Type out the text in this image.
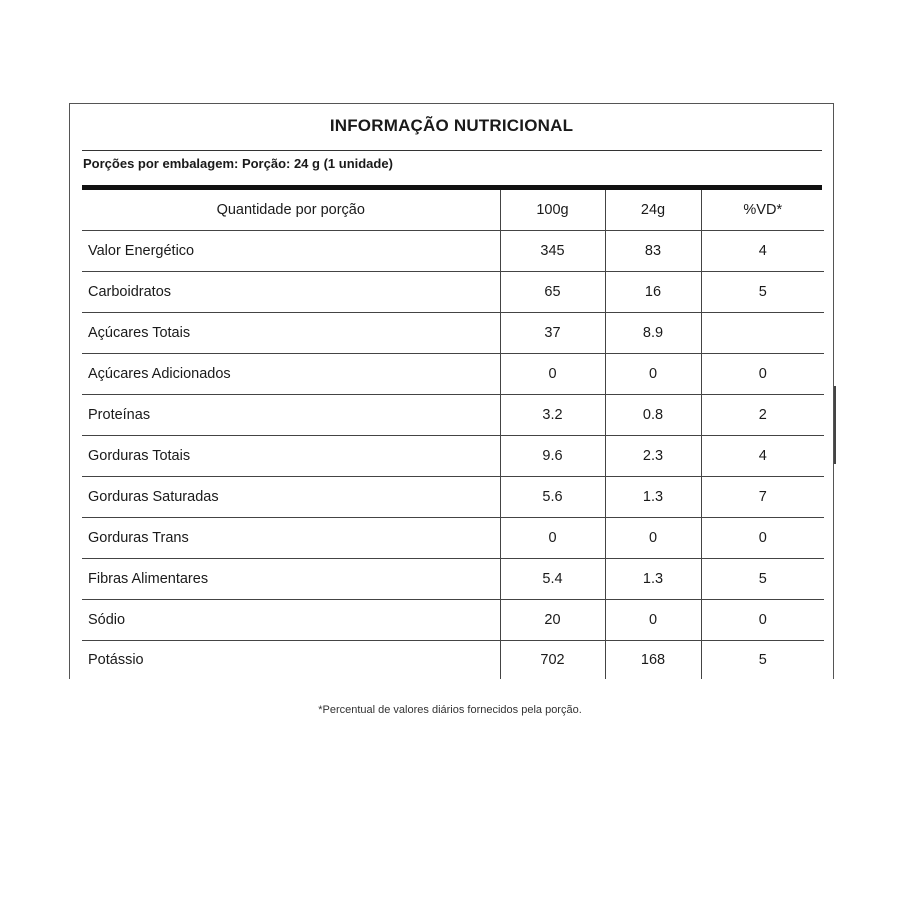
INFORMAÇÃO NUTRICIONAL
Porções por embalagem: Porção: 24 g (1 unidade)
Quantidade por porção	100g	24g	%VD*
Valor Energético	345	83	4
Carboidratos	65	16	5
Açúcares Totais	37	8.9	
Açúcares Adicionados	0	0	0
Proteínas	3.2	0.8	2
Gorduras Totais	9.6	2.3	4
Gorduras Saturadas	5.6	1.3	7
Gorduras Trans	0	0	0
Fibras Alimentares	5.4	1.3	5
Sódio	20	0	0
Potássio	702	168	5
*Percentual de valores diários fornecidos pela porção.
